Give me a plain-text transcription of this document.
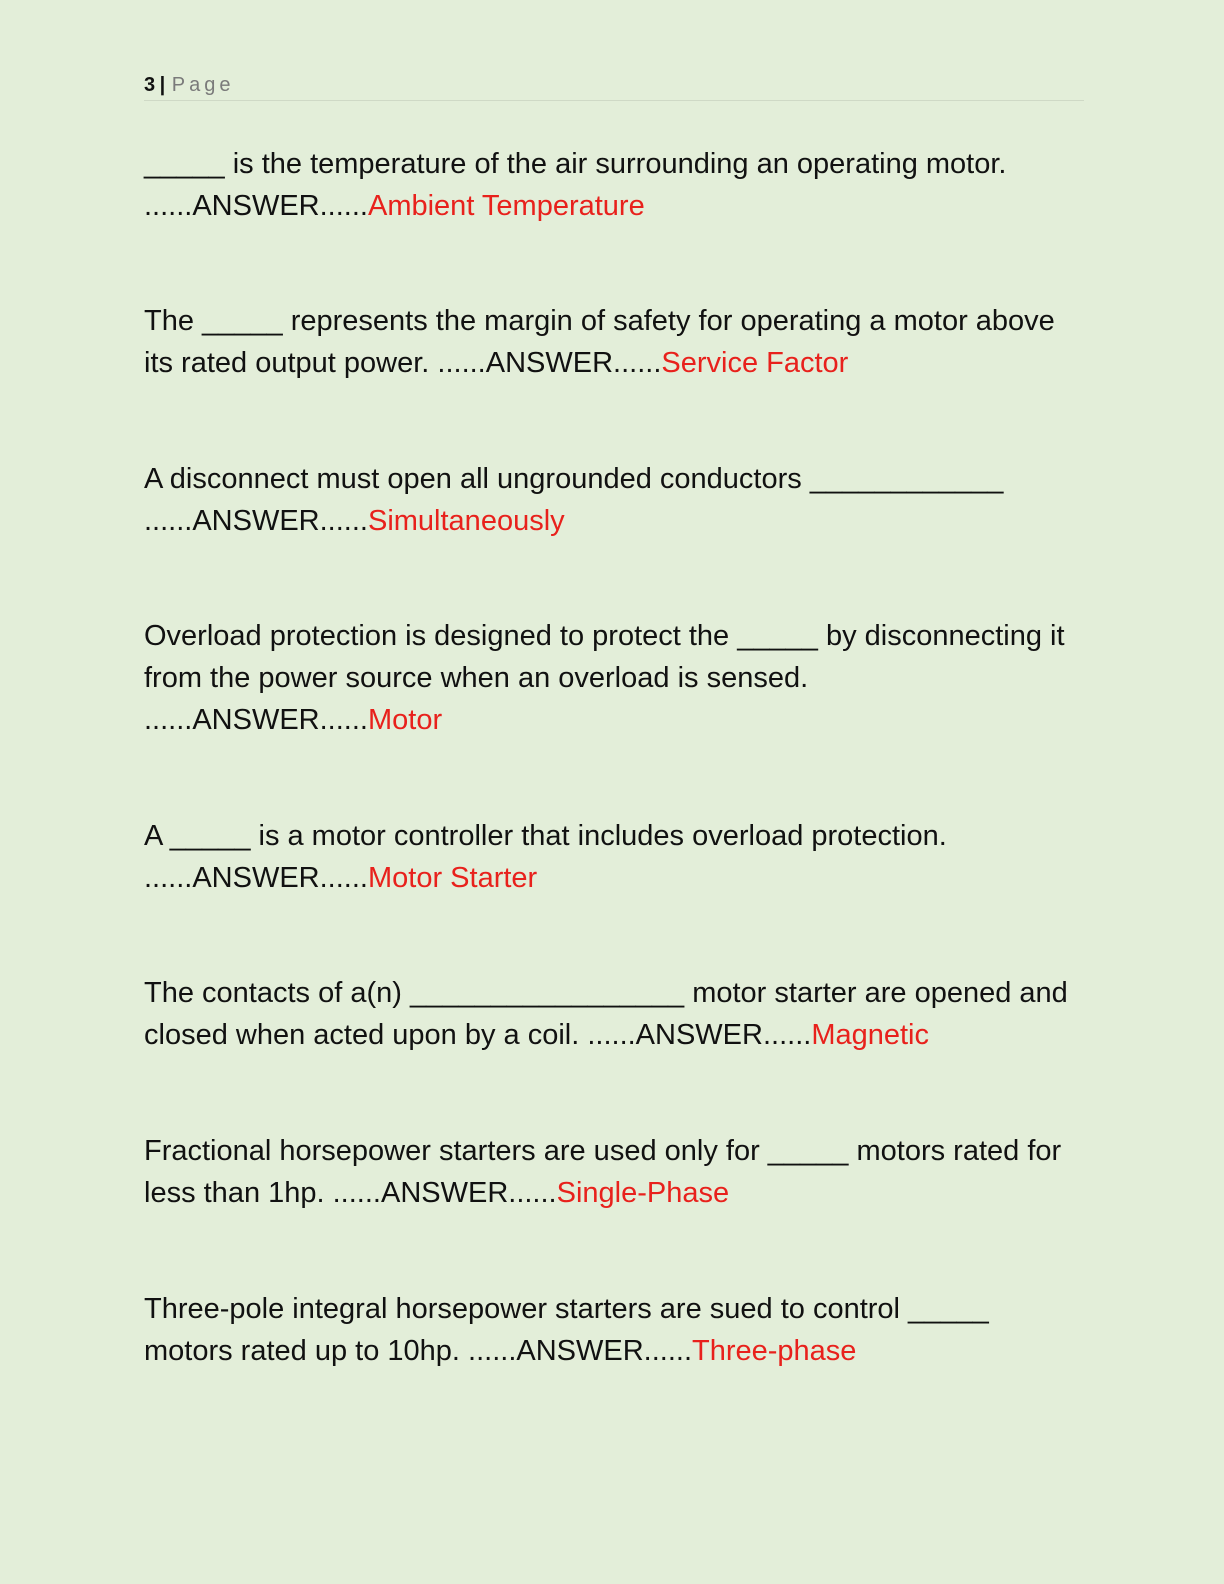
3 | Page
_____ is the temperature of the air surrounding an operating motor. ......ANSWER......Ambient Temperature
The _____ represents the margin of safety for operating a motor above its rated output power. ......ANSWER......Service Factor
A disconnect must open all ungrounded conductors ____________ ......ANSWER......Simultaneously
Overload protection is designed to protect the _____ by disconnecting it from the power source when an overload is sensed. ......ANSWER......Motor
A _____ is a motor controller that includes overload protection. ......ANSWER......Motor Starter
The contacts of a(n) _________________ motor starter are opened and closed when acted upon by a coil. ......ANSWER......Magnetic
Fractional horsepower starters are used only for _____ motors rated for less than 1hp. ......ANSWER......Single-Phase
Three-pole integral horsepower starters are sued to control _____ motors rated up to 10hp. ......ANSWER......Three-phase
